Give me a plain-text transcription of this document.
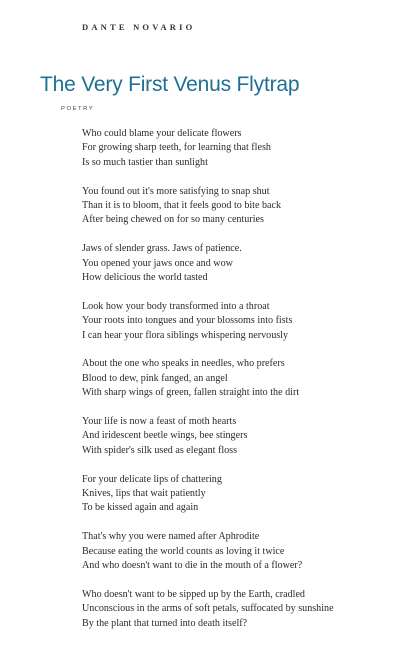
DANTE NOVARIO
The Very First Venus Flytrap
POETRY
Who could blame your delicate flowers
For growing sharp teeth, for learning that flesh
Is so much tastier than sunlight
You found out it's more satisfying to snap shut
Than it is to bloom, that it feels good to bite back
After being chewed on for so many centuries
Jaws of slender grass. Jaws of patience.
You opened your jaws once and wow
How delicious the world tasted
Look how your body transformed into a throat
Your roots into tongues and your blossoms into fists
I can hear your flora siblings whispering nervously
About the one who speaks in needles, who prefers
Blood to dew, pink fanged, an angel
With sharp wings of green, fallen straight into the dirt
Your life is now a feast of moth hearts
And iridescent beetle wings, bee stingers
With spider's silk used as elegant floss
For your delicate lips of chattering
Knives, lips that wait patiently
To be kissed again and again
That's why you were named after Aphrodite
Because eating the world counts as loving it twice
And who doesn't want to die in the mouth of a flower?
Who doesn't want to be sipped up by the Earth, cradled
Unconscious in the arms of soft petals, suffocated by sunshine
By the plant that turned into death itself?
